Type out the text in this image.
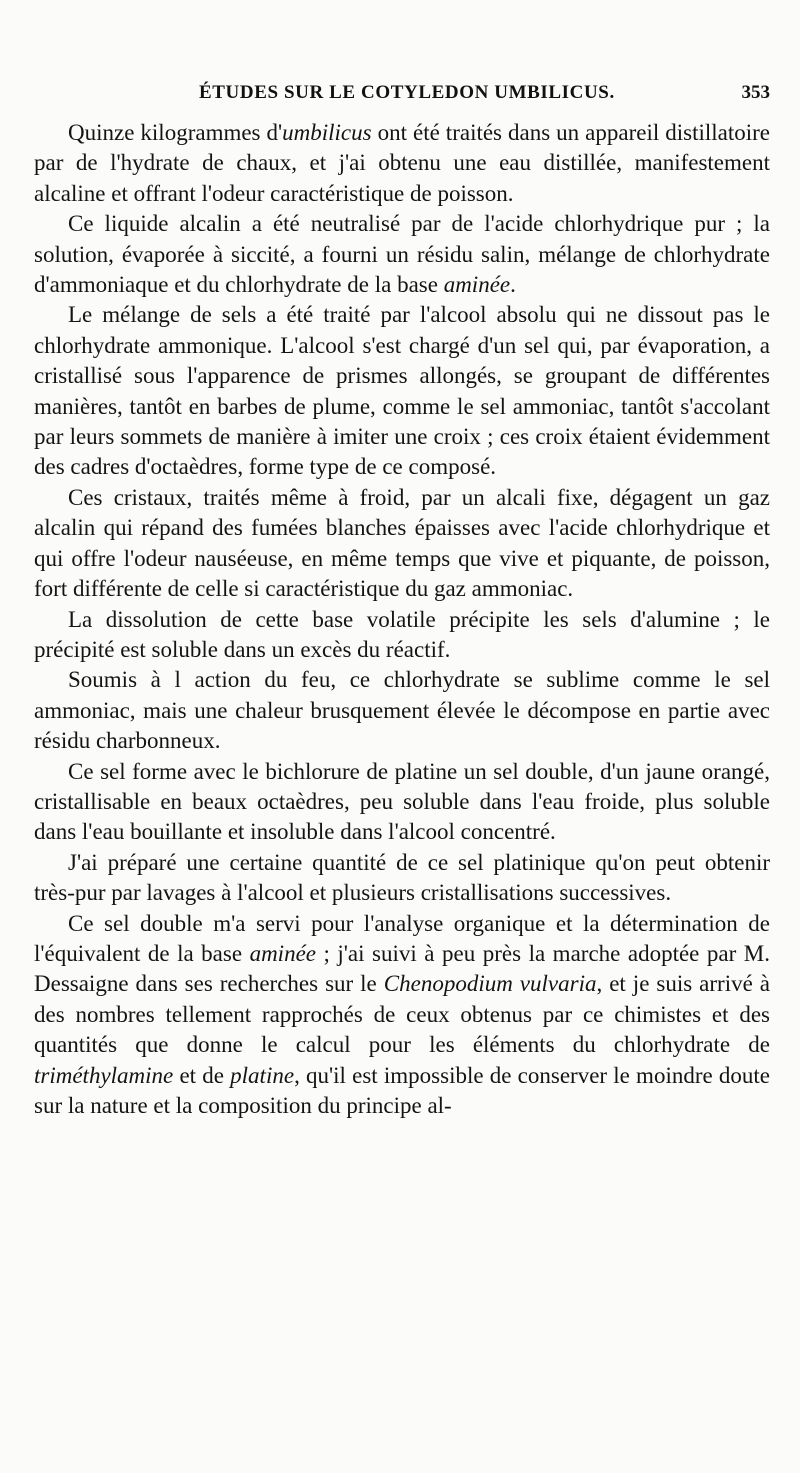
ÉTUDES SUR LE COTYLEDON UMBILICUS.	353

Quinze kilogrammes d'umbilicus ont été traités dans un appareil distillatoire par de l'hydrate de chaux, et j'ai obtenu une eau distillée, manifestement alcaline et offrant l'odeur caractéristique de poisson.

Ce liquide alcalin a été neutralisé par de l'acide chlorhydrique pur ; la solution, évaporée à siccité, a fourni un résidu salin, mélange de chlorhydrate d'ammoniaque et du chlorhydrate de la base aminée.

Le mélange de sels a été traité par l'alcool absolu qui ne dissout pas le chlorhydrate ammonique. L'alcool s'est chargé d'un sel qui, par évaporation, a cristallisé sous l'apparence de prismes allongés, se groupant de différentes manières, tantôt en barbes de plume, comme le sel ammoniac, tantôt s'accolant par leurs sommets de manière à imiter une croix ; ces croix étaient évidemment des cadres d'octaèdres, forme type de ce composé.

Ces cristaux, traités même à froid, par un alcali fixe, dégagent un gaz alcalin qui répand des fumées blanches épaisses avec l'acide chlorhydrique et qui offre l'odeur nauséeuse, en même temps que vive et piquante, de poisson, fort différente de celle si caractéristique du gaz ammoniac.

La dissolution de cette base volatile précipite les sels d'alumine ; le précipité est soluble dans un excès du réactif.

Soumis à l action du feu, ce chlorhydrate se sublime comme le sel ammoniac, mais une chaleur brusquement élevée le décompose en partie avec résidu charbonneux.

Ce sel forme avec le bichlorure de platine un sel double, d'un jaune orangé, cristallisable en beaux octaèdres, peu soluble dans l'eau froide, plus soluble dans l'eau bouillante et insoluble dans l'alcool concentré.

J'ai préparé une certaine quantité de ce sel platinique qu'on peut obtenir très-pur par lavages à l'alcool et plusieurs cristallisations successives.

Ce sel double m'a servi pour l'analyse organique et la détermination de l'équivalent de la base aminée ; j'ai suivi à peu près la marche adoptée par M. Dessaigne dans ses recherches sur le Chenopodium vulvaria, et je suis arrivé à des nombres tellement rapprochés de ceux obtenus par ce chimistes et des quantités que donne le calcul pour les éléments du chlorhydrate de triméthylamine et de platine, qu'il est impossible de conserver le moindre doute sur la nature et la composition du principe al-
